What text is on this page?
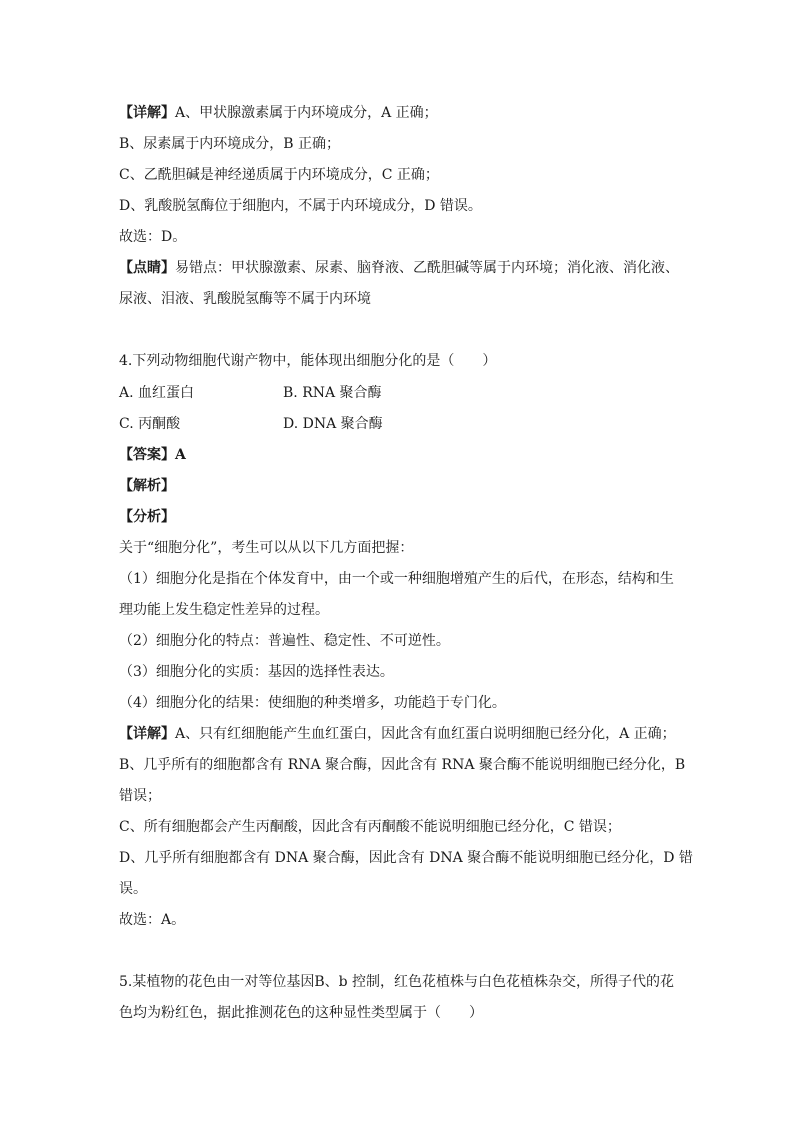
【详解】A、甲状腺激素属于内环境成分，A 正确；
B、尿素属于内环境成分，B 正确；
C、乙酰胆碱是神经递质属于内环境成分，C 正确；
D、乳酸脱氢酶位于细胞内，不属于内环境成分，D 错误。
故选：D。
【点睛】易错点：甲状腺激素、尿素、脑脊液、乙酰胆碱等属于内环境；消化液、消化液、
尿液、泪液、乳酸脱氢酶等不属于内环境
4.下列动物细胞代谢产物中，能体现出细胞分化的是（　　）
A. 血红蛋白	B. RNA 聚合酶
C. 丙酮酸	D. DNA 聚合酶
【答案】A
【解析】
【分析】
关于“细胞分化”，考生可以从以下几方面把握：
（1）细胞分化是指在个体发育中，由一个或一种细胞增殖产生的后代，在形态，结构和生
理功能上发生稳定性差异的过程。
（2）细胞分化的特点：普遍性、稳定性、不可逆性。
（3）细胞分化的实质：基因的选择性表达。
（4）细胞分化的结果：使细胞的种类增多，功能趋于专门化。
【详解】A、只有红细胞能产生血红蛋白，因此含有血红蛋白说明细胞已经分化，A 正确；
B、几乎所有的细胞都含有 RNA 聚合酶，因此含有 RNA 聚合酶不能说明细胞已经分化，B
错误；
C、所有细胞都会产生丙酮酸，因此含有丙酮酸不能说明细胞已经分化，C 错误；
D、几乎所有细胞都含有 DNA 聚合酶，因此含有 DNA 聚合酶不能说明细胞已经分化，D 错
误。
故选：A。
5.某植物的花色由一对等位基因B、b 控制，红色花植株与白色花植株杂交，所得子代的花
色均为粉红色，据此推测花色的这种显性类型属于（　　）
